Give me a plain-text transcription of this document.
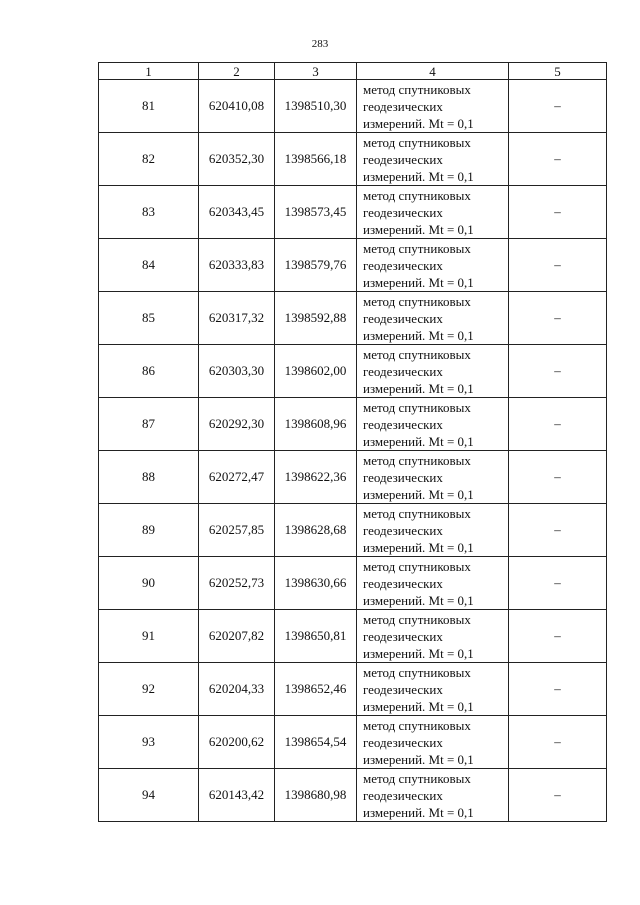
283
1	2	3	4	5
81	620410,08	1398510,30	метод спутниковых
геодезических
измерений. Mt = 0,1	–
82	620352,30	1398566,18	метод спутниковых
геодезических
измерений. Mt = 0,1	–
83	620343,45	1398573,45	метод спутниковых
геодезических
измерений. Mt = 0,1	–
84	620333,83	1398579,76	метод спутниковых
геодезических
измерений. Mt = 0,1	–
85	620317,32	1398592,88	метод спутниковых
геодезических
измерений. Mt = 0,1	–
86	620303,30	1398602,00	метод спутниковых
геодезических
измерений. Mt = 0,1	–
87	620292,30	1398608,96	метод спутниковых
геодезических
измерений. Mt = 0,1	–
88	620272,47	1398622,36	метод спутниковых
геодезических
измерений. Mt = 0,1	–
89	620257,85	1398628,68	метод спутниковых
геодезических
измерений. Mt = 0,1	–
90	620252,73	1398630,66	метод спутниковых
геодезических
измерений. Mt = 0,1	–
91	620207,82	1398650,81	метод спутниковых
геодезических
измерений. Mt = 0,1	–
92	620204,33	1398652,46	метод спутниковых
геодезических
измерений. Mt = 0,1	–
93	620200,62	1398654,54	метод спутниковых
геодезических
измерений. Mt = 0,1	–
94	620143,42	1398680,98	метод спутниковых
геодезических
измерений. Mt = 0,1	–
